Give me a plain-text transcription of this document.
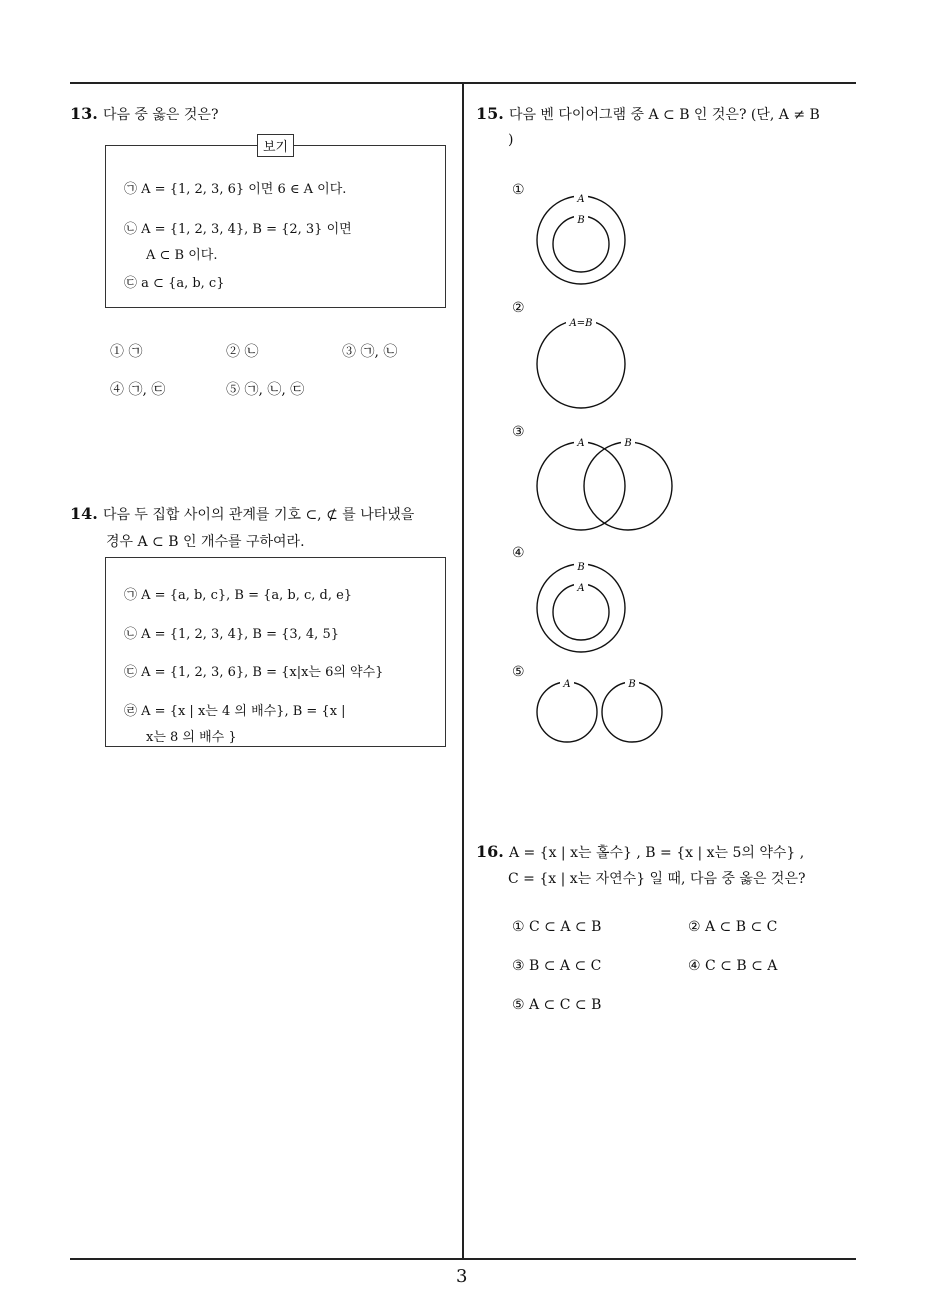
3
13. 다음 중 옳은 것은?
보기
㉠ A = {1, 2, 3, 6} 이면 6 ∈ A 이다.
㉡ A = {1, 2, 3, 4}, B = {2, 3} 이면
A ⊂ B 이다.
㉢ a ⊂ {a, b, c}
① ㉠	② ㉡	③ ㉠, ㉡
④ ㉠, ㉢	⑤ ㉠, ㉡, ㉢
14. 다음 두 집합 사이의 관계를 기호 ⊂, ⊄ 를 나타냈을
경우 A ⊂ B 인 개수를 구하여라.
㉠ A = {a, b, c}, B = {a, b, c, d, e}
㉡ A = {1, 2, 3, 4}, B = {3, 4, 5}
㉢ A = {1, 2, 3, 6}, B = {x|x는 6의 약수}
㉣ A = {x | x는 4 의 배수}, B = {x |
x는 8 의 배수 }
15. 다음 벤 다이어그램 중 A ⊂ B 인 것은? (단, A ≠ B
)
①
A
B
②
A=B
③
A	B
④
B
A
⑤
A	B
16. A = {x | x는 홀수} , B = {x | x는 5의 약수} ,
C = {x | x는 자연수} 일 때, 다음 중 옳은 것은?
① C ⊂ A ⊂ B	② A ⊂ B ⊂ C
③ B ⊂ A ⊂ C	④ C ⊂ B ⊂ A
⑤ A ⊂ C ⊂ B
